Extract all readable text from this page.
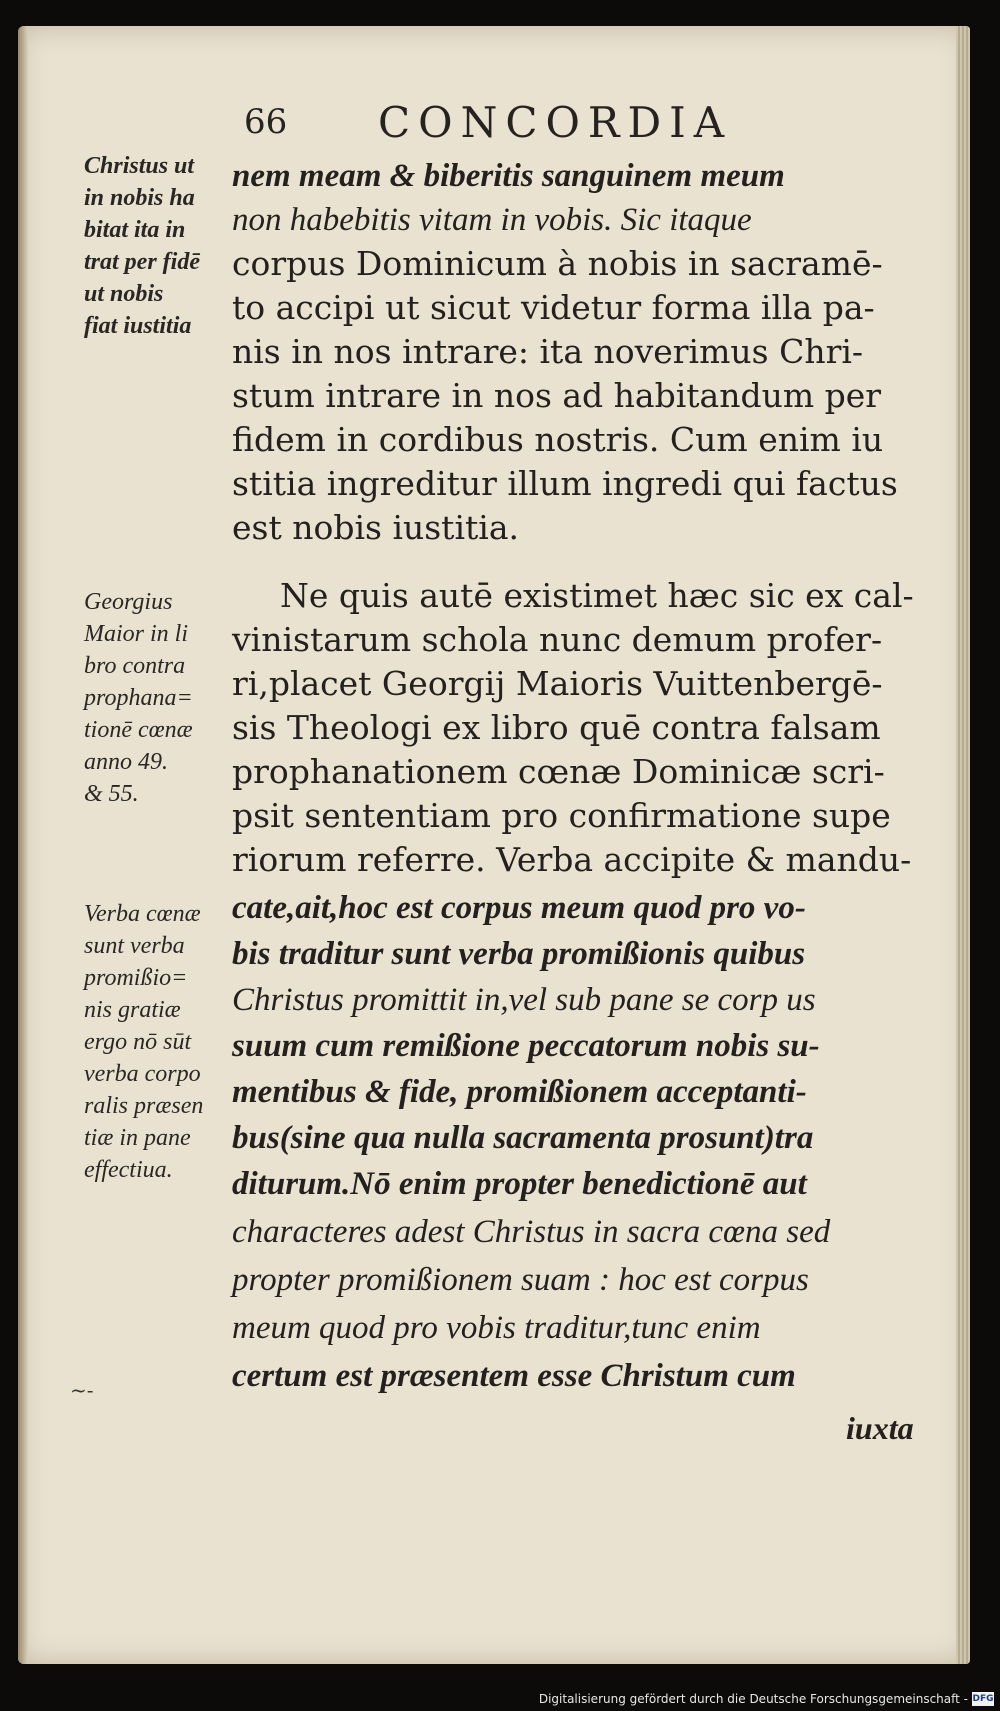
66 CONCORDIA
Christus ut
in nobis ha
bitat ita in
trat per fidē
ut nobis
fiat iustitia
Georgius
Maior in li
bro contra
prophana=
tionē cœnæ
anno 49.
& 55.
Verba cœnæ
sunt verba
promißio=
nis gratiæ
ergo nō sūt
verba corpo
ralis præsen
tiæ in pane
effectiua.
nem meam & biberitis sanguinem meum
non habebitis vitam in vobis. Sic itaque
corpus Dominicum à nobis in sacramē-
to accipi ut sicut videtur forma illa pa-
nis in nos intrare: ita noverimus Chri-
stum intrare in nos ad habitandum per
fidem in cordibus nostris. Cum enim iu
stitia ingreditur illum ingredi qui factus
est nobis iustitia.
Ne quis autē existimet hæc sic ex cal-
vinistarum schola nunc demum profer-
ri,placet Georgij Maioris Vuittenbergē-
sis Theologi ex libro quē contra falsam
prophanationem cœnæ Dominicæ scri-
psit sententiam pro confirmatione supe
riorum referre. Verba accipite & mandu-
cate,ait,hoc est corpus meum quod pro vo-
bis traditur sunt verba promißionis quibus
Christus promittit in,vel sub pane se corp us
suum cum remißione peccatorum nobis su-
mentibus & fide, promißionem acceptanti-
bus(sine qua nulla sacramenta prosunt)tra
diturum.Nō enim propter benedictionē aut
characteres adest Christus in sacra cœna sed
propter promißionem suam : hoc est corpus
meum quod pro vobis traditur,tunc enim
certum est præsentem esse Christum cum
iuxta
~-
Digitalisierung gefördert durch die Deutsche Forschungsgemeinschaft - DFG
